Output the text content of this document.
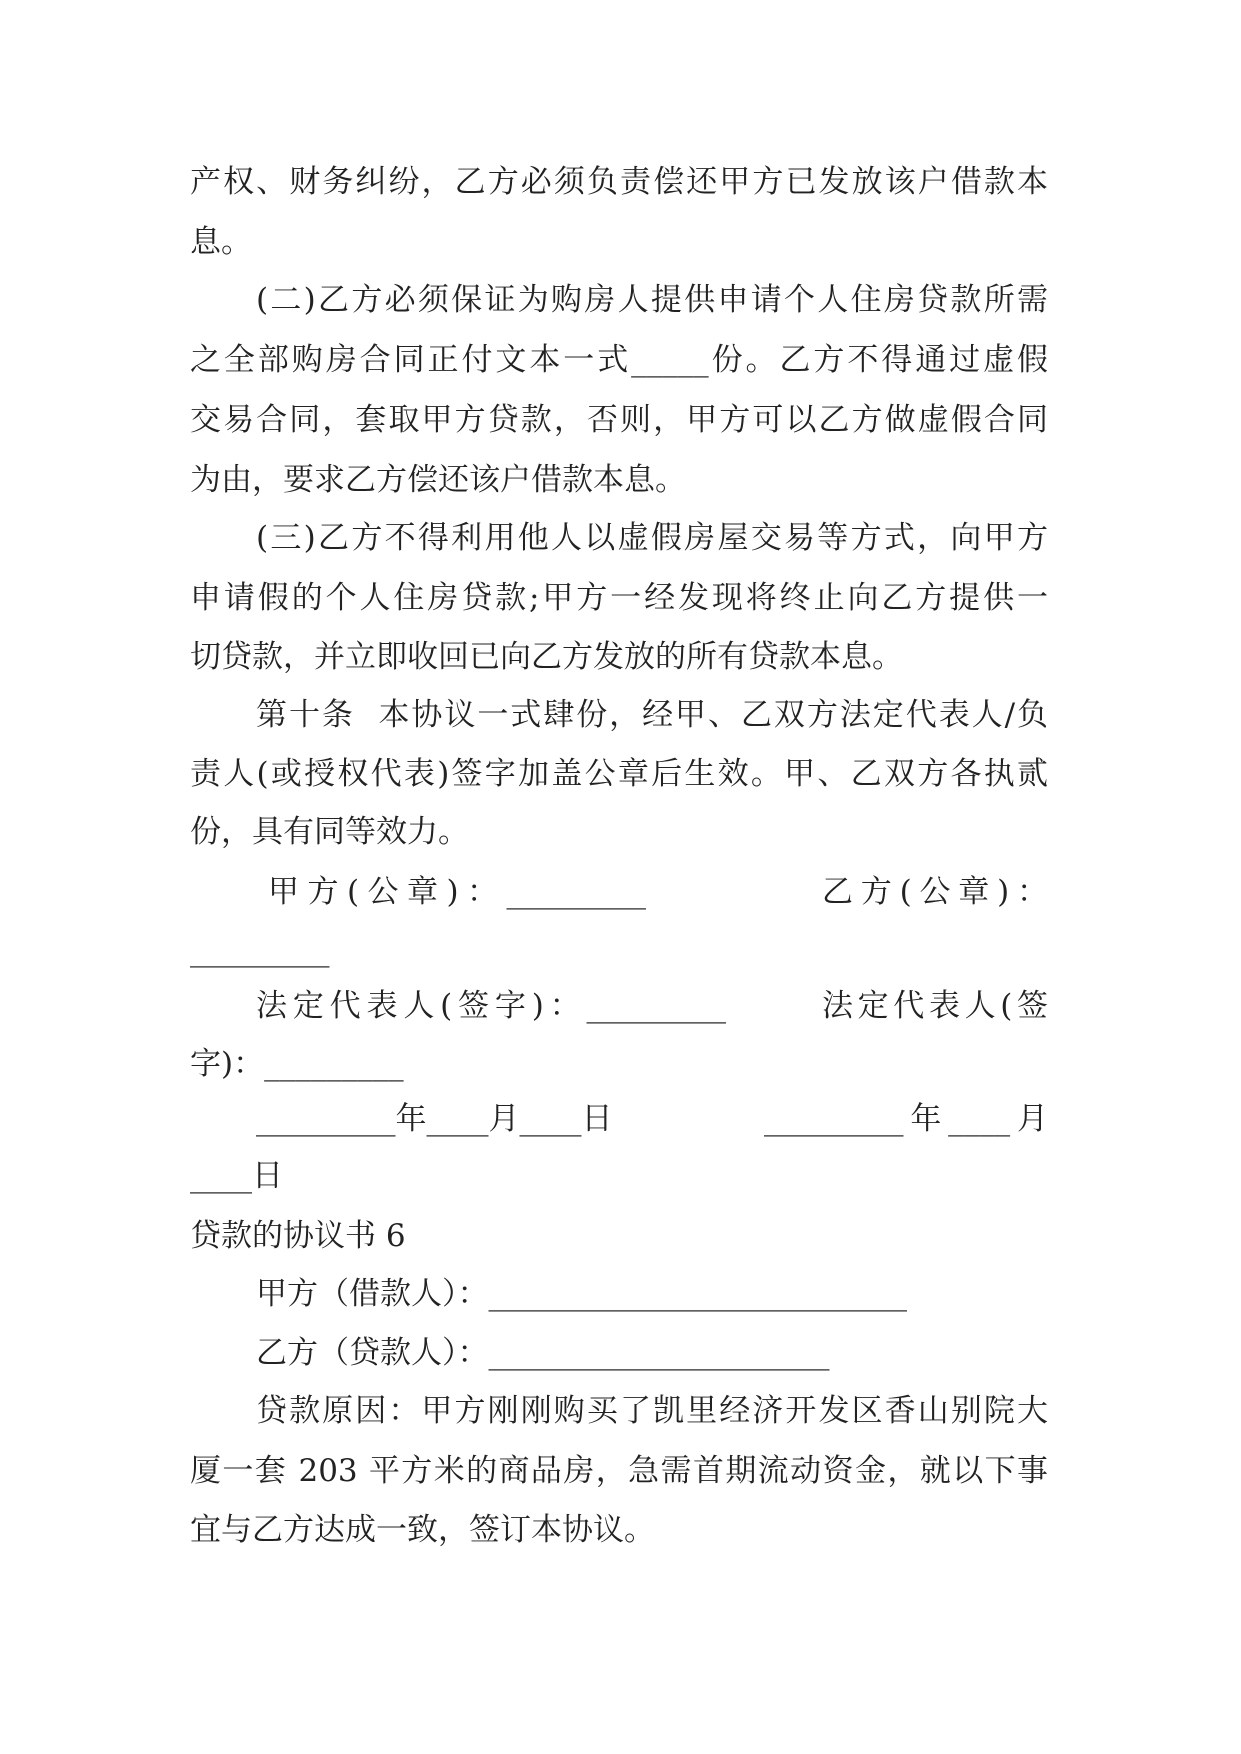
产权、财务纠纷，乙方必须负责偿还甲方已发放该户借款本
息。
(二)乙方必须保证为购房人提供申请个人住房贷款所需
之全部购房合同正付文本一式_____份。乙方不得通过虚假
交易合同，套取甲方贷款，否则，甲方可以乙方做虚假合同
为由，要求乙方偿还该户借款本息。
(三)乙方不得利用他人以虚假房屋交易等方式，向甲方
申请假的个人住房贷款;甲方一经发现将终止向乙方提供一
切贷款，并立即收回已向乙方发放的所有贷款本息。
第十条  本协议一式肆份，经甲、乙双方法定代表人/负
责人(或授权代表)签字加盖公章后生效。甲、乙双方各执贰
份，具有同等效力。
甲方(公章)：_________	乙方(公章)：
_________
法定代表人(签字)：_________	法定代表人(签
字)：_________
_________年____月____日	_________年____月
____日
贷款的协议书 6
甲方（借款人）：___________________________
乙方（贷款人）：______________________
贷款原因：甲方刚刚购买了凯里经济开发区香山别院大
厦一套 203 平方米的商品房，急需首期流动资金，就以下事
宜与乙方达成一致，签订本协议。
